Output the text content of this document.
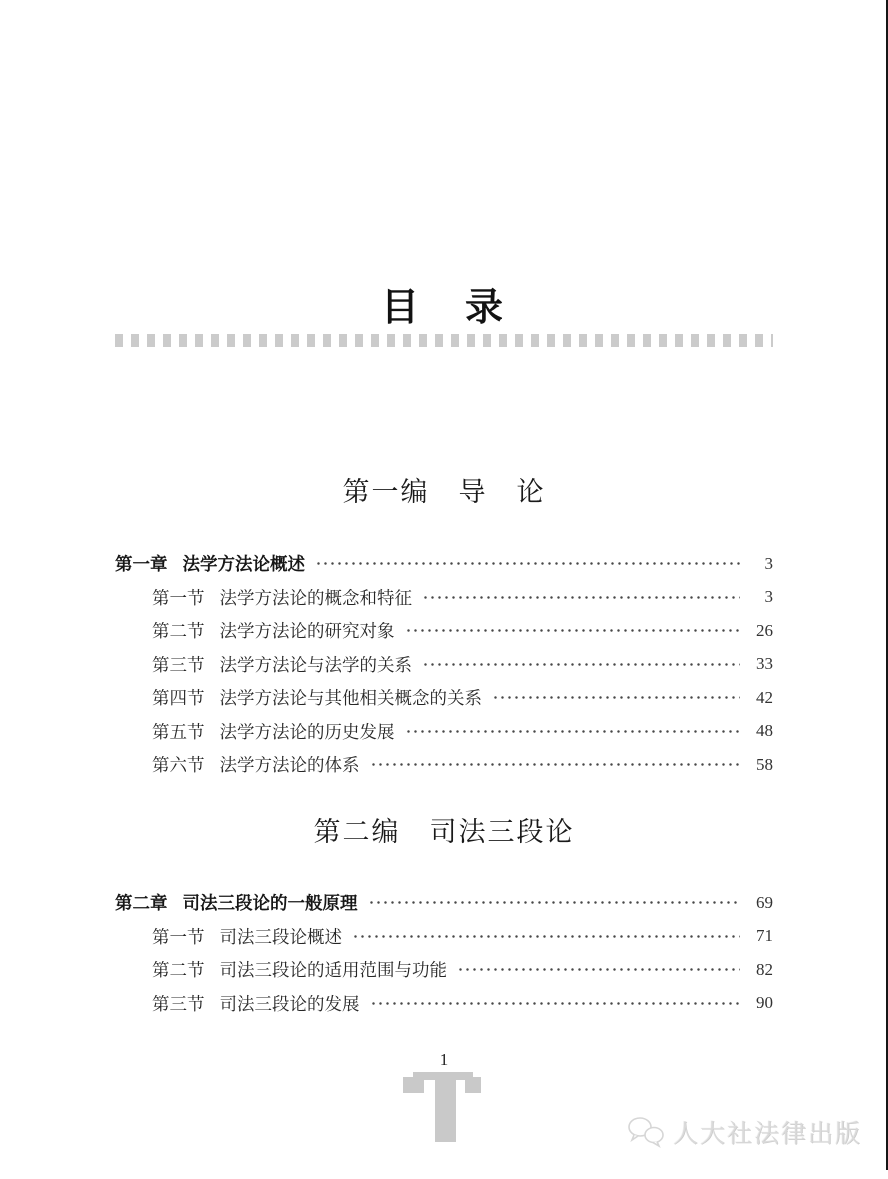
目　录
第一编　导　论
第一章 法学方法论概述	3
第一节 法学方法论的概念和特征	3
第二节 法学方法论的研究对象	26
第三节 法学方法论与法学的关系	33
第四节 法学方法论与其他相关概念的关系	42
第五节 法学方法论的历史发展	48
第六节 法学方法论的体系	58
第二编　司法三段论
第二章 司法三段论的一般原理	69
第一节 司法三段论概述	71
第二节 司法三段论的适用范围与功能	82
第三节 司法三段论的发展	90
1
人大社法律出版
